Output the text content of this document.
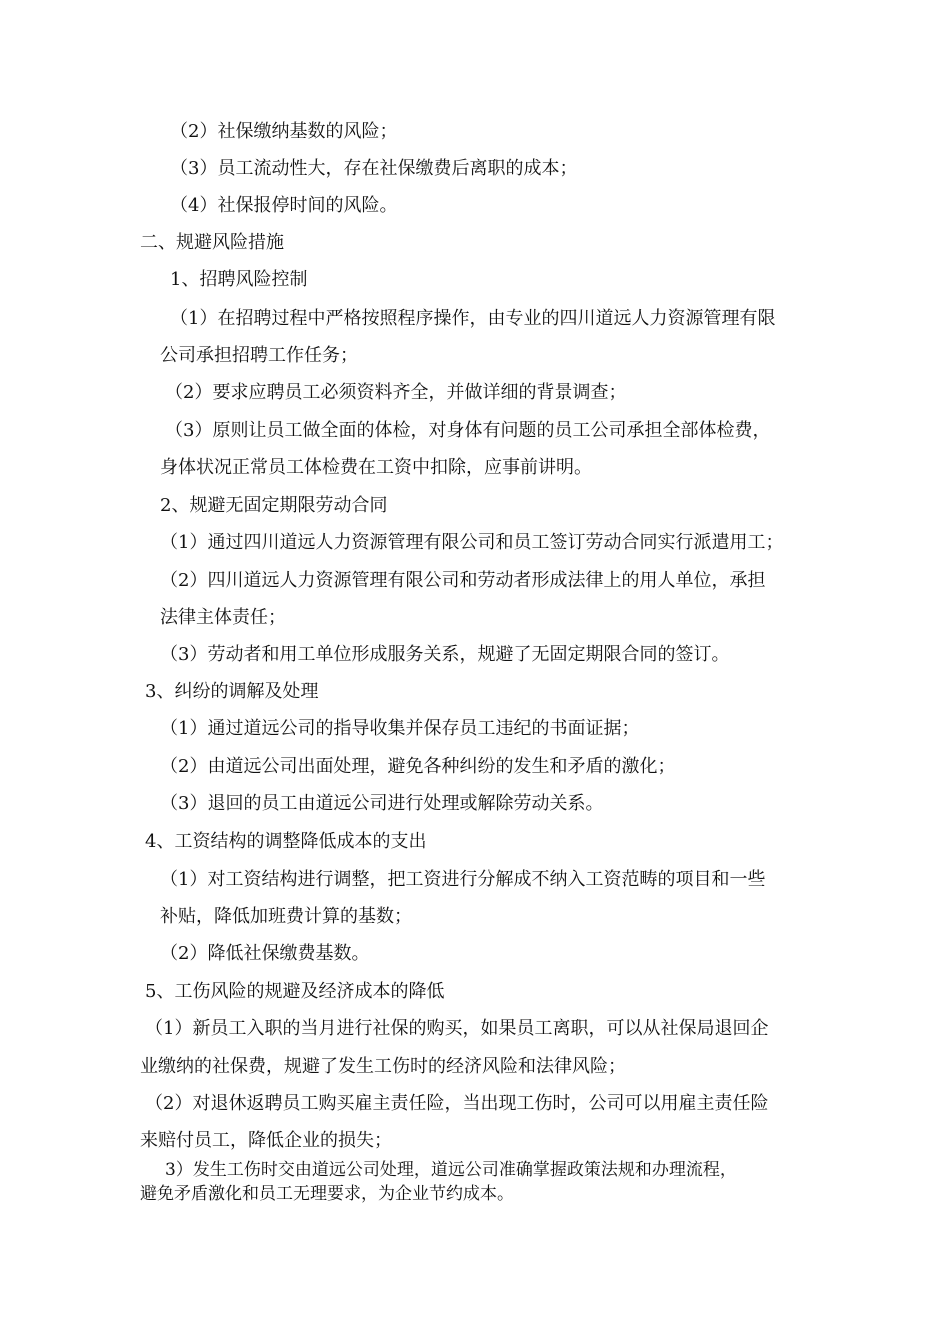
（2）社保缴纳基数的风险；

（3）员工流动性大，存在社保缴费后离职的成本；

（4）社保报停时间的风险。

二、规避风险措施

1、招聘风险控制

（1）在招聘过程中严格按照程序操作，由专业的四川道远人力资源管理有限

公司承担招聘工作任务；

（2）要求应聘员工必须资料齐全，并做详细的背景调查；

（3）原则让员工做全面的体检，对身体有问题的员工公司承担全部体检费，

身体状况正常员工体检费在工资中扣除，应事前讲明。

2、规避无固定期限劳动合同

（1）通过四川道远人力资源管理有限公司和员工签订劳动合同实行派遣用工；

（2）四川道远人力资源管理有限公司和劳动者形成法律上的用人单位，承担

法律主体责任；

（3）劳动者和用工单位形成服务关系，规避了无固定期限合同的签订。

3、纠纷的调解及处理

（1）通过道远公司的指导收集并保存员工违纪的书面证据；

（2）由道远公司出面处理，避免各种纠纷的发生和矛盾的激化；

（3）退回的员工由道远公司进行处理或解除劳动关系。

4、工资结构的调整降低成本的支出

（1）对工资结构进行调整，把工资进行分解成不纳入工资范畴的项目和一些

补贴，降低加班费计算的基数；

（2）降低社保缴费基数。

5、工伤风险的规避及经济成本的降低

（1）新员工入职的当月进行社保的购买，如果员工离职，可以从社保局退回企

业缴纳的社保费，规避了发生工伤时的经济风险和法律风险；

（2）对退休返聘员工购买雇主责任险，当出现工伤时，公司可以用雇主责任险

来赔付员工，降低企业的损失；

3）发生工伤时交由道远公司处理，道远公司准确掌握政策法规和办理流程，

避免矛盾激化和员工无理要求，为企业节约成本。
